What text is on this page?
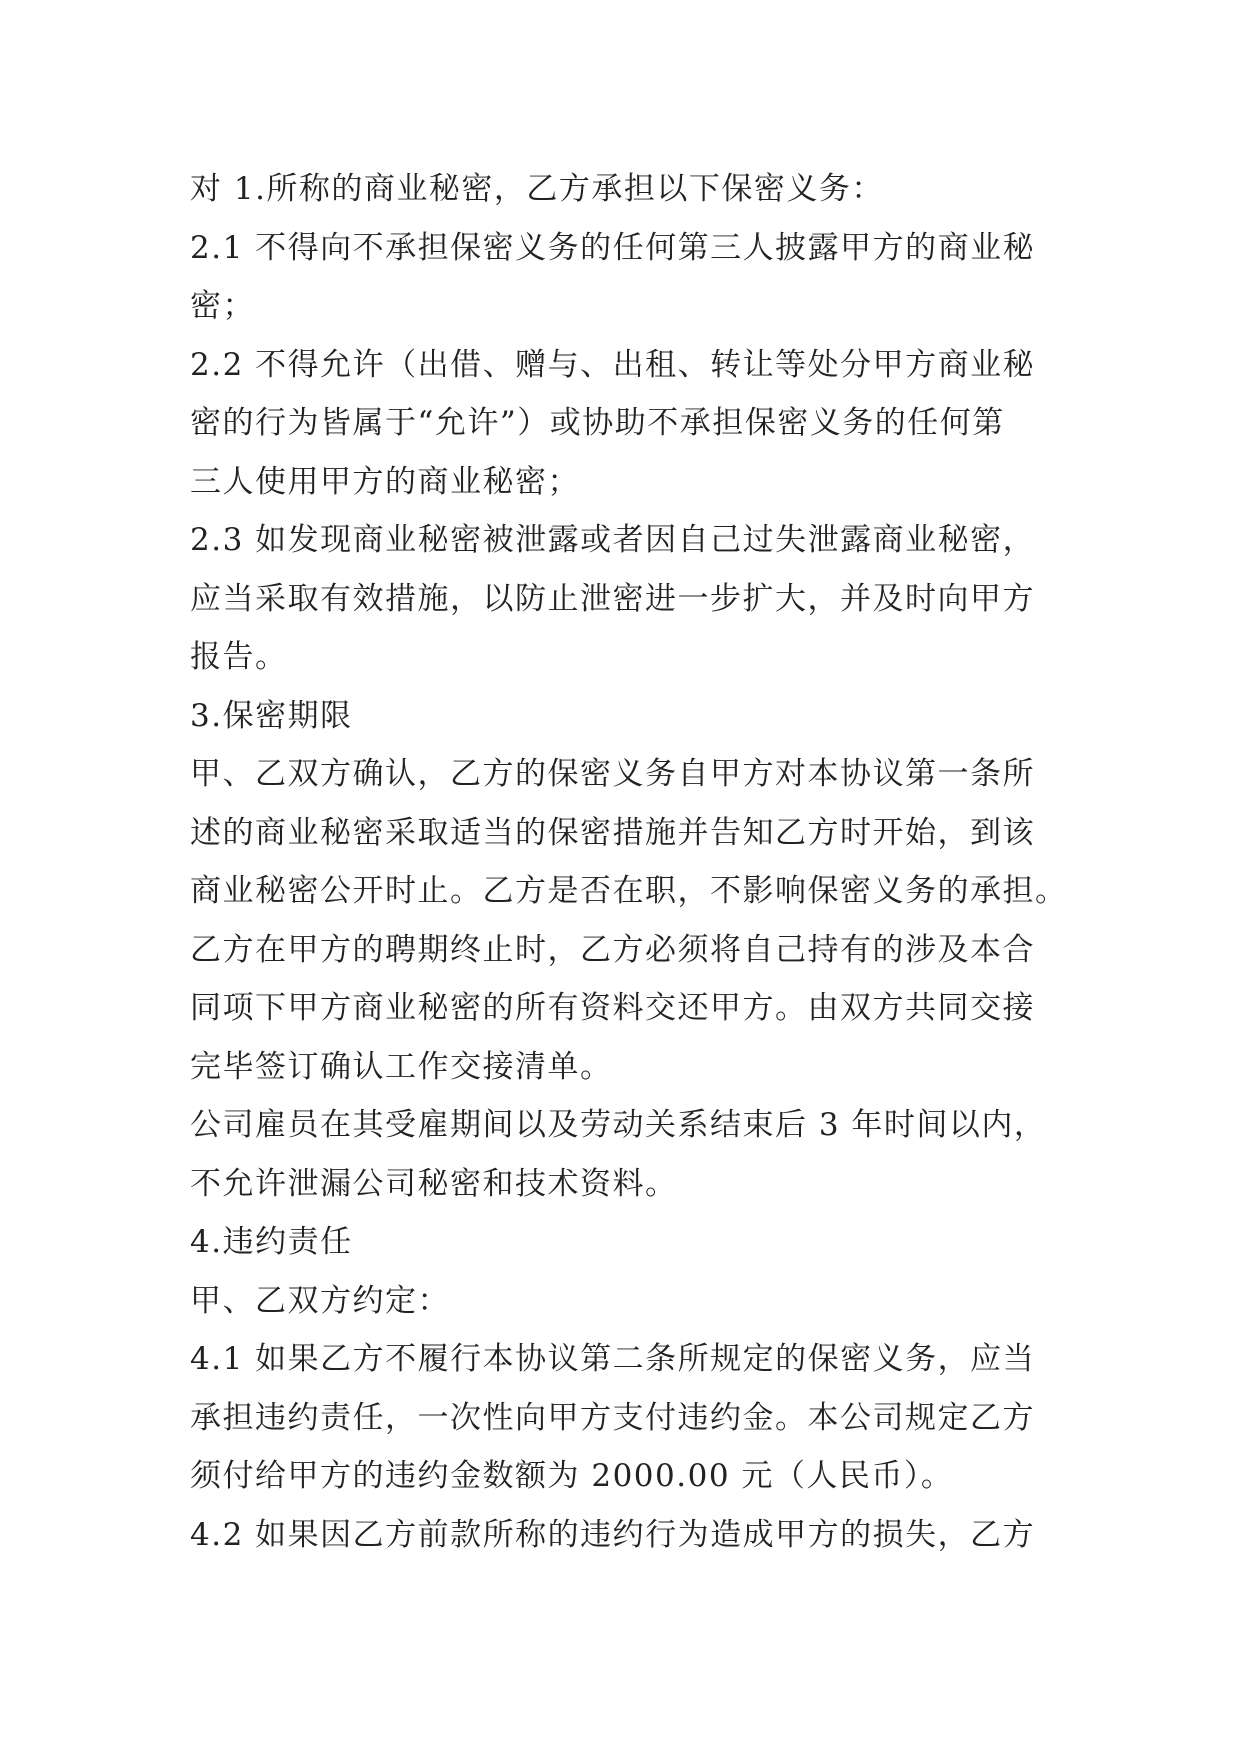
对 1.所称的商业秘密，乙方承担以下保密义务：
2.1 不得向不承担保密义务的任何第三人披露甲方的商业秘
密；
2.2 不得允许（出借、赠与、出租、转让等处分甲方商业秘
密的行为皆属于“允许”）或协助不承担保密义务的任何第
三人使用甲方的商业秘密；
2.3 如发现商业秘密被泄露或者因自己过失泄露商业秘密，
应当采取有效措施，以防止泄密进一步扩大，并及时向甲方
报告。
3.保密期限
甲、乙双方确认，乙方的保密义务自甲方对本协议第一条所
述的商业秘密采取适当的保密措施并告知乙方时开始，到该
商业秘密公开时止。乙方是否在职，不影响保密义务的承担。
乙方在甲方的聘期终止时，乙方必须将自己持有的涉及本合
同项下甲方商业秘密的所有资料交还甲方。由双方共同交接
完毕签订确认工作交接清单。
公司雇员在其受雇期间以及劳动关系结束后 3 年时间以内，
不允许泄漏公司秘密和技术资料。
4.违约责任
甲、乙双方约定：
4.1 如果乙方不履行本协议第二条所规定的保密义务，应当
承担违约责任，一次性向甲方支付违约金。本公司规定乙方
须付给甲方的违约金数额为 2000.00 元（人民币）。
4.2 如果因乙方前款所称的违约行为造成甲方的损失，乙方
